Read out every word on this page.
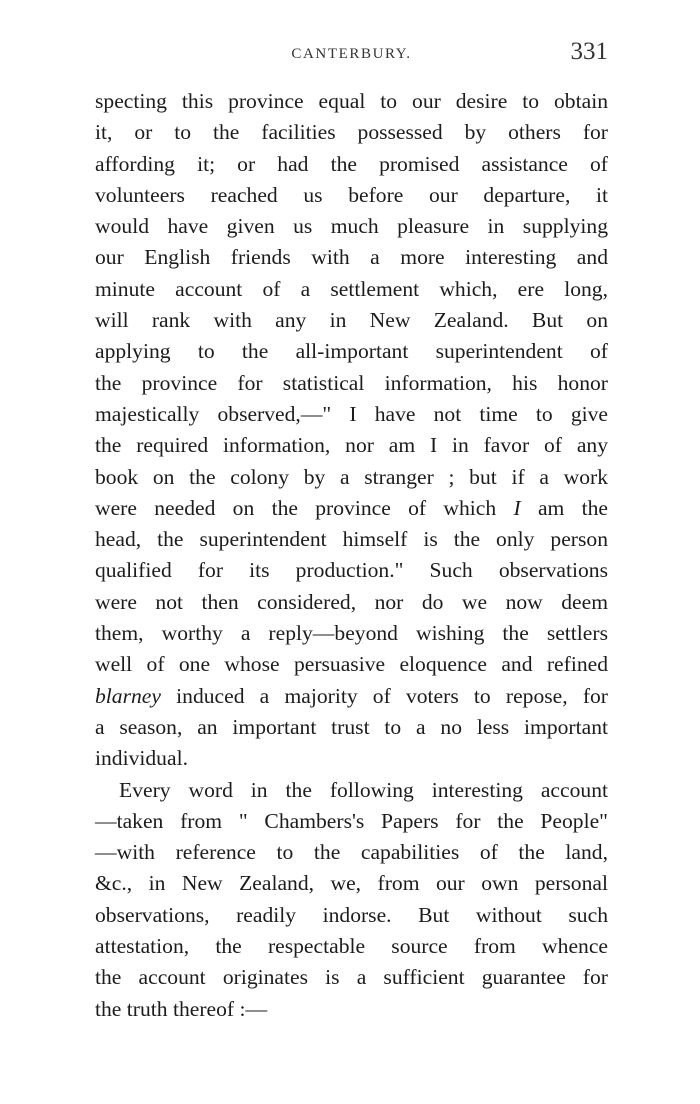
CANTERBURY.	331
specting this province equal to our desire to obtain
it, or to the facilities possessed by others for
affording it; or had the promised assistance of
volunteers reached us before our departure, it
would have given us much pleasure in supplying
our English friends with a more interesting and
minute account of a settlement which, ere long,
will rank with any in New Zealand. But on
applying to the all-important superintendent of
the province for statistical information, his honor
majestically observed,—" I have not time to give
the required information, nor am I in favor of any
book on the colony by a stranger ; but if a work
were needed on the province of which I am the
head, the superintendent himself is the only person
qualified for its production." Such observations
were not then considered, nor do we now deem
them, worthy a reply—beyond wishing the settlers
well of one whose persuasive eloquence and refined
blarney induced a majority of voters to repose, for
a season, an important trust to a no less important
individual.
Every word in the following interesting account
—taken from " Chambers's Papers for the People"
—with reference to the capabilities of the land,
&c., in New Zealand, we, from our own personal
observations, readily indorse. But without such
attestation, the respectable source from whence
the account originates is a sufficient guarantee for
the truth thereof :—
